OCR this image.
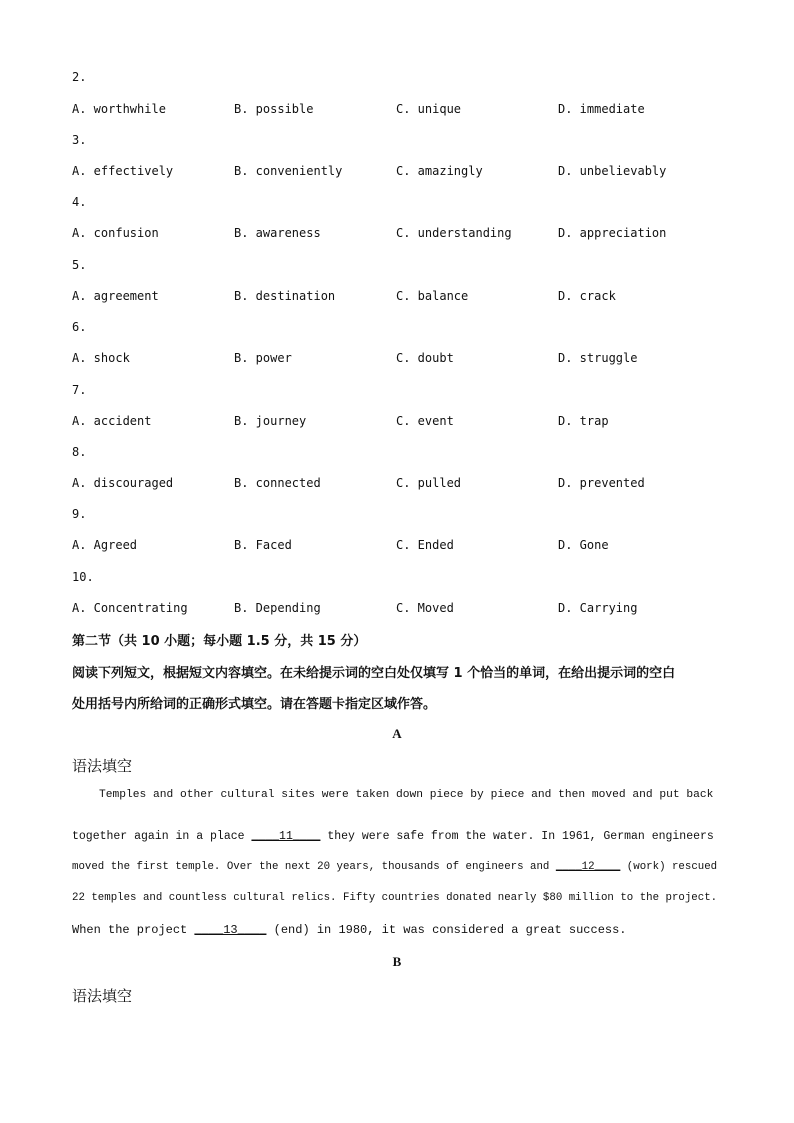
2.
A. worthwhile	B. possible	C. unique	D. immediate
3.
A. effectively	B. conveniently	C. amazingly	D. unbelievably
4.
A. confusion	B. awareness	C. understanding	D. appreciation
5.
A. agreement	B. destination	C. balance	D. crack
6.
A. shock	B. power	C. doubt	D. struggle
7.
A. accident	B. journey	C. event	D. trap
8.
A. discouraged	B. connected	C. pulled	D. prevented
9.
A. Agreed	B. Faced	C. Ended	D. Gone
10.
A. Concentrating	B. Depending	C. Moved	D. Carrying
第二节（共 10 小题；每小题 1.5 分，共 15 分）
阅读下列短文，根据短文内容填空。在未给提示词的空白处仅填写 1 个恰当的单词，在给出提示词的空白
处用括号内所给词的正确形式填空。请在答题卡指定区域作答。
A
语法填空
Temples and other cultural sites were taken down piece by piece and then moved and put back
together again in a place ____11____ they were safe from the water. In 1961, German engineers
moved the first temple. Over the next 20 years, thousands of engineers and ____12____ (work) rescued
22 temples and countless cultural relics. Fifty countries donated nearly $80 million to the project.
When the project ____13____ (end) in 1980, it was considered a great success.
B
语法填空
